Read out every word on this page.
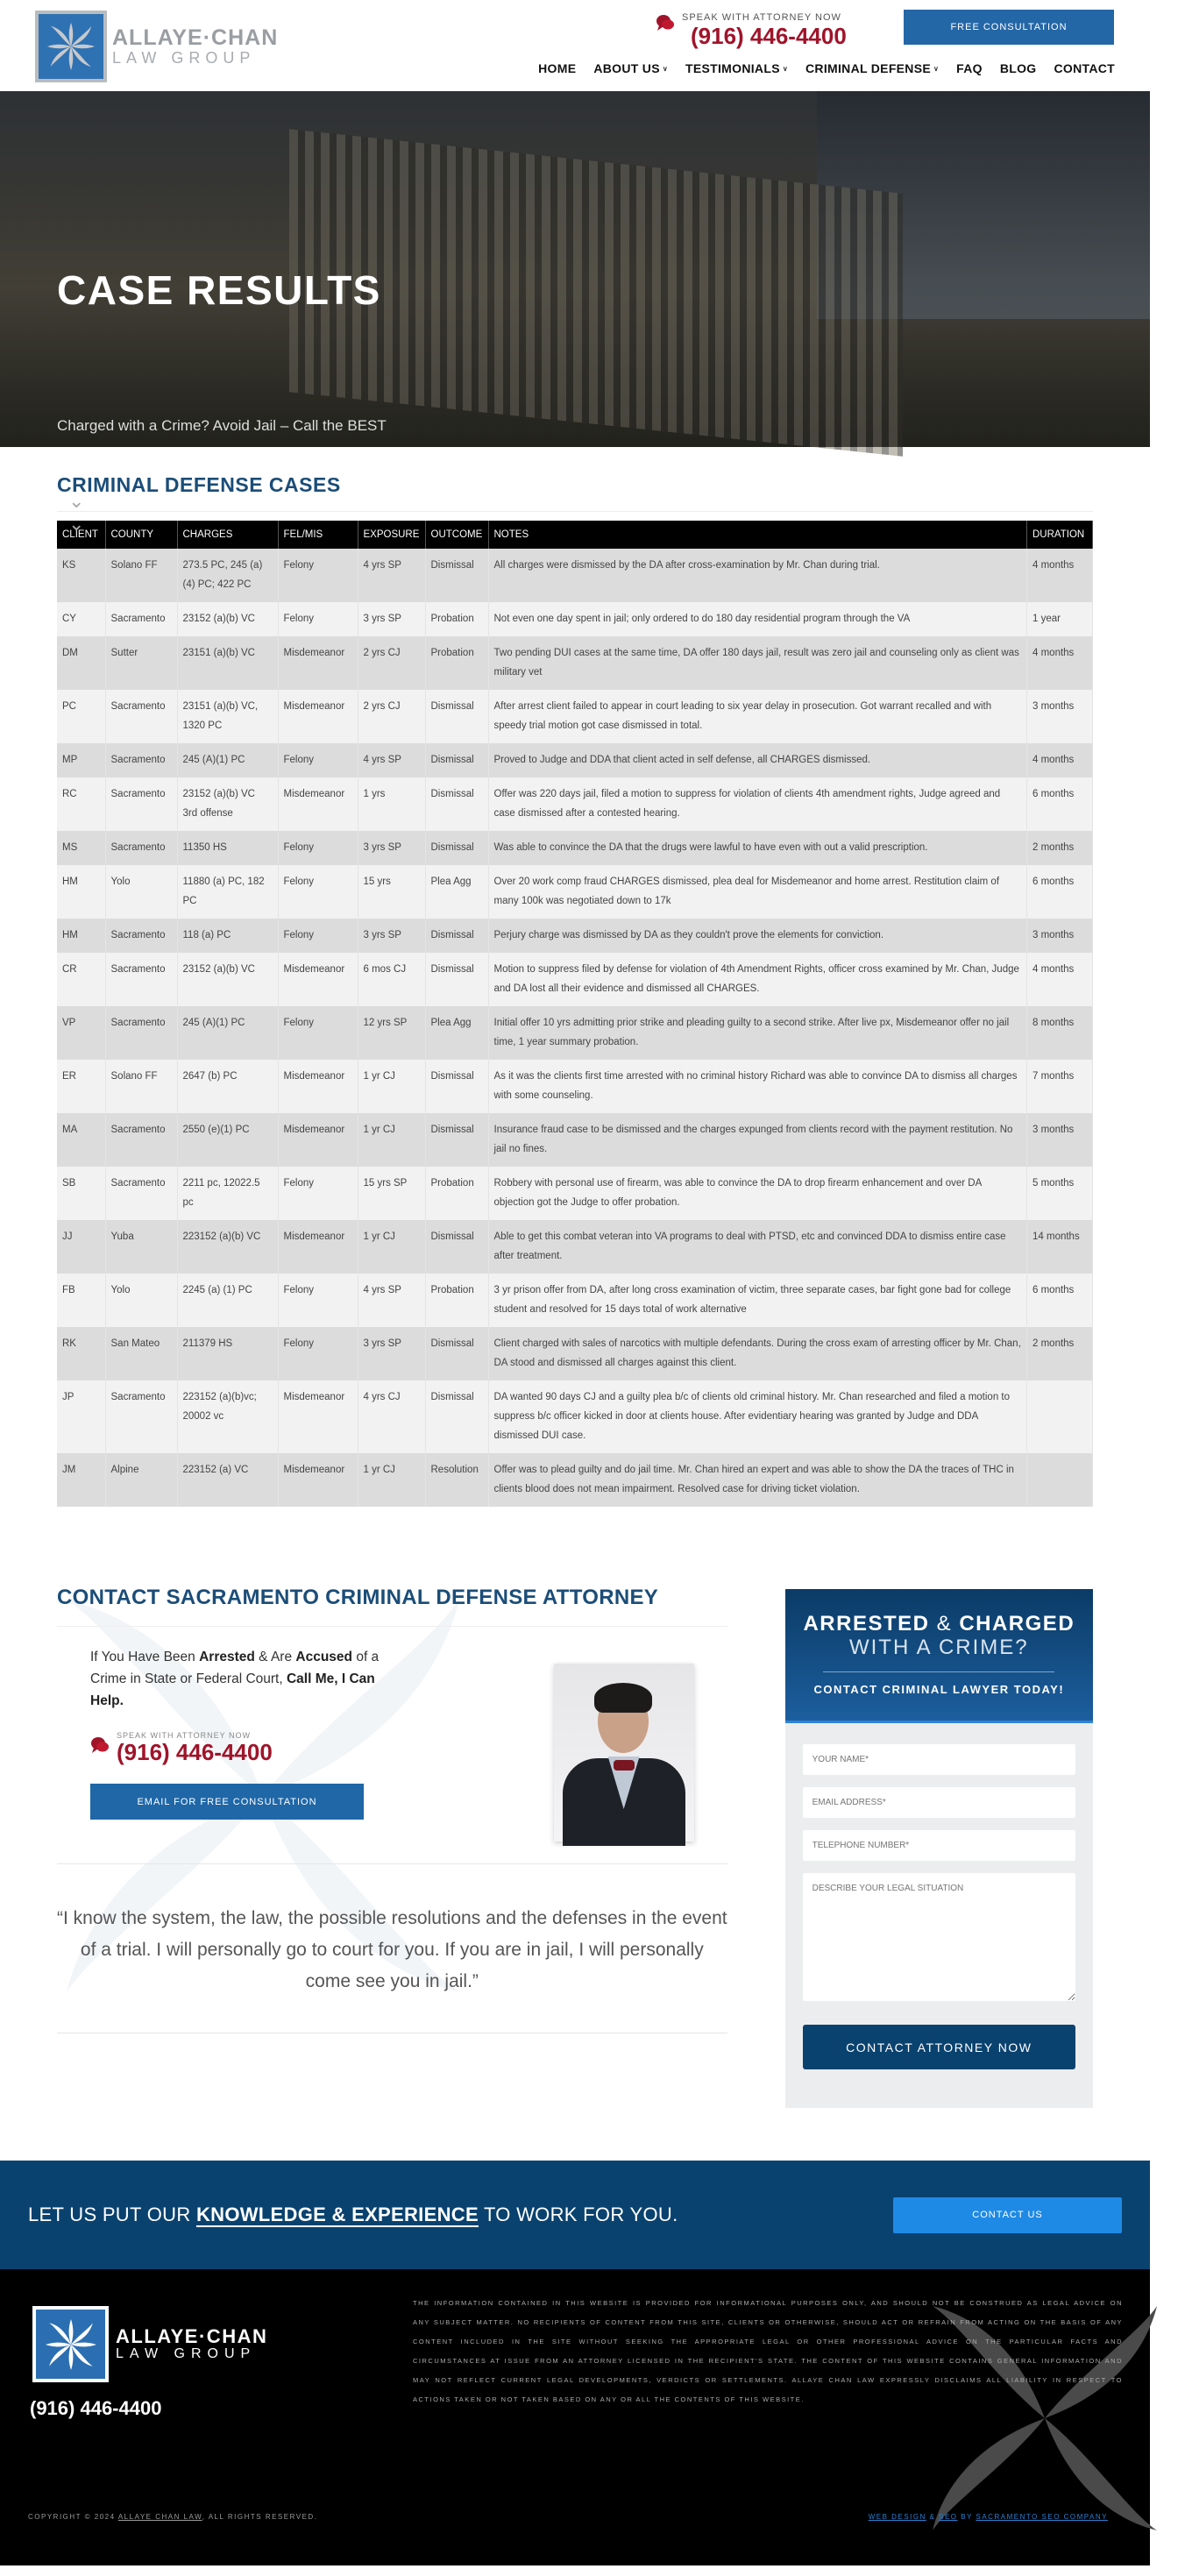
ALLAYE·CHAN
LAW GROUP
SPEAK WITH ATTORNEY NOW
(916) 446-4400	FREE CONSULTATION
HOME ABOUT US ∨ TESTIMONIALS ∨ CRIMINAL DEFENSE ∨ FAQ BLOG CONTACT
CASE RESULTS
Charged with a Crime? Avoid Jail – Call the BEST
⌄
⌄
CRIMINAL DEFENSE CASES
CLIENT	COUNTY	CHARGES	FEL/MIS	EXPOSURE	OUTCOME	NOTES	DURATION
KS	Solano FF	273.5 PC, 245 (a) (4) PC; 422 PC	Felony	4 yrs SP	Dismissal	All charges were dismissed by the DA after cross-examination by Mr. Chan during trial.	4 months
CY	Sacramento	23152 (a)(b) VC	Felony	3 yrs SP	Probation	Not even one day spent in jail; only ordered to do 180 day residential program through the VA	1 year
DM	Sutter	23151 (a)(b) VC	Misdemeanor	2 yrs CJ	Probation	Two pending DUI cases at the same time, DA offer 180 days jail, result was zero jail and counseling only as client was military vet	4 months
PC	Sacramento	23151 (a)(b) VC, 1320 PC	Misdemeanor	2 yrs CJ	Dismissal	After arrest client failed to appear in court leading to six year delay in prosecution. Got warrant recalled and with speedy trial motion got case dismissed in total.	3 months
MP	Sacramento	245 (A)(1) PC	Felony	4 yrs SP	Dismissal	Proved to Judge and DDA that client acted in self defense, all CHARGES dismissed.	4 months
RC	Sacramento	23152 (a)(b) VC 3rd offense	Misdemeanor	1 yrs	Dismissal	Offer was 220 days jail, filed a motion to suppress for violation of clients 4th amendment rights, Judge agreed and case dismissed after a contested hearing.	6 months
MS	Sacramento	11350 HS	Felony	3 yrs SP	Dismissal	Was able to convince the DA that the drugs were lawful to have even with out a valid prescription.	2 months
HM	Yolo	11880 (a) PC, 182 PC	Felony	15 yrs	Plea Agg	Over 20 work comp fraud CHARGES dismissed, plea deal for Misdemeanor and home arrest. Restitution claim of many 100k was negotiated down to 17k	6 months
HM	Sacramento	118 (a) PC	Felony	3 yrs SP	Dismissal	Perjury charge was dismissed by DA as they couldn't prove the elements for conviction.	3 months
CR	Sacramento	23152 (a)(b) VC	Misdemeanor	6 mos CJ	Dismissal	Motion to suppress filed by defense for violation of 4th Amendment Rights, officer cross examined by Mr. Chan, Judge and DA lost all their evidence and dismissed all CHARGES.	4 months
VP	Sacramento	245 (A)(1) PC	Felony	12 yrs SP	Plea Agg	Initial offer 10 yrs admitting prior strike and pleading guilty to a second strike. After live px, Misdemeanor offer no jail time, 1 year summary probation.	8 months
ER	Solano FF	2647 (b) PC	Misdemeanor	1 yr CJ	Dismissal	As it was the clients first time arrested with no criminal history Richard was able to convince DA to dismiss all charges with some counseling.	7 months
MA	Sacramento	2550 (e)(1) PC	Misdemeanor	1 yr CJ	Dismissal	Insurance fraud case to be dismissed and the charges expunged from clients record with the payment restitution. No jail no fines.	3 months
SB	Sacramento	2211 pc, 12022.5 pc	Felony	15 yrs SP	Probation	Robbery with personal use of firearm, was able to convince the DA to drop firearm enhancement and over DA objection got the Judge to offer probation.	5 months
JJ	Yuba	223152 (a)(b) VC	Misdemeanor	1 yr CJ	Dismissal	Able to get this combat veteran into VA programs to deal with PTSD, etc and convinced DDA to dismiss entire case after treatment.	14 months
FB	Yolo	2245 (a) (1) PC	Felony	4 yrs SP	Probation	3 yr prison offer from DA, after long cross examination of victim, three separate cases, bar fight gone bad for college student and resolved for 15 days total of work alternative	6 months
RK	San Mateo	211379 HS	Felony	3 yrs SP	Dismissal	Client charged with sales of narcotics with multiple defendants. During the cross exam of arresting officer by Mr. Chan, DA stood and dismissed all charges against this client.	2 months
JP	Sacramento	223152 (a)(b)vc; 20002 vc	Misdemeanor	4 yrs CJ	Dismissal	DA wanted 90 days CJ and a guilty plea b/c of clients old criminal history. Mr. Chan researched and filed a motion to suppress b/c officer kicked in door at clients house. After evidentiary hearing was granted by Judge and DDA dismissed DUI case.	
JM	Alpine	223152 (a) VC	Misdemeanor	1 yr CJ	Resolution	Offer was to plead guilty and do jail time. Mr. Chan hired an expert and was able to show the DA the traces of THC in clients blood does not mean impairment. Resolved case for driving ticket violation.	
CONTACT SACRAMENTO CRIMINAL DEFENSE ATTORNEY

If You Have Been Arrested & Are Accused of a Crime in State or Federal Court, Call Me, I Can Help.

SPEAK WITH ATTORNEY NOW
(916) 446-4400
EMAIL FOR FREE CONSULTATION
“I know the system, the law, the possible resolutions and the defenses in the event of a trial. I will personally go to court for you. If you are in jail, I will personally come see you in jail.”
ARRESTED & CHARGED
WITH A CRIME?
CONTACT CRIMINAL LAWYER TODAY!
YOUR NAME* EMAIL ADDRESS* TELEPHONE NUMBER* DESCRIBE YOUR LEGAL SITUATION CONTACT ATTORNEY NOW
LET US PUT OUR KNOWLEDGE & EXPERIENCE TO WORK FOR YOU.	CONTACT US
ALLAYE·CHAN
LAW GROUP
(916) 446-4400

THE INFORMATION CONTAINED IN THIS WEBSITE IS PROVIDED FOR INFORMATIONAL PURPOSES ONLY, AND SHOULD NOT BE CONSTRUED AS LEGAL ADVICE ON ANY SUBJECT MATTER. NO RECIPIENTS OF CONTENT FROM THIS SITE, CLIENTS OR OTHERWISE, SHOULD ACT OR REFRAIN FROM ACTING ON THE BASIS OF ANY CONTENT INCLUDED IN THE SITE WITHOUT SEEKING THE APPROPRIATE LEGAL OR OTHER PROFESSIONAL ADVICE ON THE PARTICULAR FACTS AND CIRCUMSTANCES AT ISSUE FROM AN ATTORNEY LICENSED IN THE RECIPIENT'S STATE. THE CONTENT OF THIS WEBSITE CONTAINS GENERAL INFORMATION AND MAY NOT REFLECT CURRENT LEGAL DEVELOPMENTS, VERDICTS OR SETTLEMENTS. ALLAYE CHAN LAW EXPRESSLY DISCLAIMS ALL LIABILITY IN RESPECT TO ACTIONS TAKEN OR NOT TAKEN BASED ON ANY OR ALL THE CONTENTS OF THIS WEBSITE.

COPYRIGHT © 2024 ALLAYE CHAN LAW, ALL RIGHTS RESERVED.	WEB DESIGN & SEO BY SACRAMENTO SEO COMPANY
